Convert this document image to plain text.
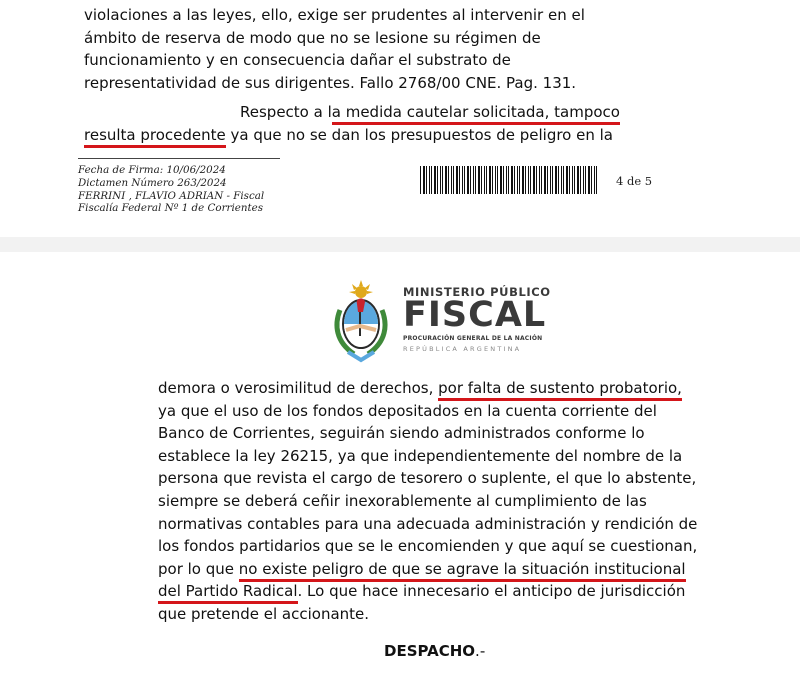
violaciones a las leyes, ello, exige ser prudentes al intervenir en el
ámbito de reserva de modo que no se lesione su régimen de
funcionamiento y en consecuencia dañar el substrato de
representatividad de sus dirigentes. Fallo 2768/00 CNE. Pag. 131.
Respecto a la medida cautelar solicitada, tampoco
resulta procedente ya que no se dan los presupuestos de peligro en la
Fecha de Firma: 10/06/2024
Dictamen Número 263/2024
FERRINI , FLAVIO ADRIAN - Fiscal
Fiscalía Federal Nº 1 de Corrientes
4 de 5
MINISTERIO PÚBLICO
FISCAL
PROCURACIÓN GENERAL DE LA NACIÓN
REPÚBLICA ARGENTINA
demora o verosimilitud de derechos, por falta de sustento probatorio,
ya que el uso de los fondos depositados en la cuenta corriente del
Banco de Corrientes, seguirán siendo administrados conforme lo
establece la ley 26215, ya que independientemente del nombre de la
persona que revista el cargo de tesorero o suplente, el que lo abstente,
siempre se deberá ceñir inexorablemente al cumplimiento de las
normativas contables para una adecuada administración y rendición de
los fondos partidarios que se le encomienden y que aquí se cuestionan,
por lo que no existe peligro de que se agrave la situación institucional
del Partido Radical. Lo que hace innecesario el anticipo de jurisdicción
que pretende el accionante.
DESPACHO.-
